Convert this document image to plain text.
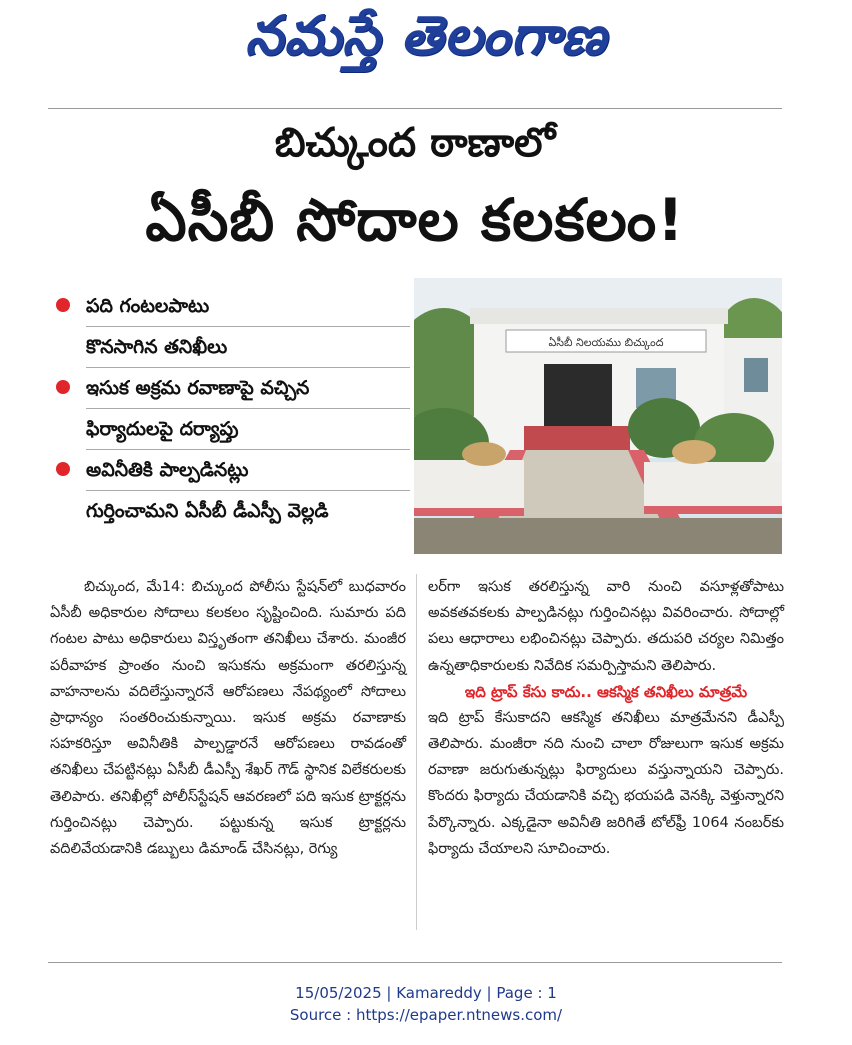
నమస్తే తెలంగాణ
బిచ్కుంద ఠాణాలో
ఏసీబీ సోదాల కలకలం!
పది గంటలపాటు
కొనసాగిన తనిఖీలు
ఇసుక అక్రమ రవాణాపై వచ్చిన
ఫిర్యాదులపై దర్యాప్తు
అవినీతికి పాల్పడినట్లు
గుర్తించామని ఏసీబీ డీఎస్పీ వెల్లడి
ఏసీబీ నిలయము బిచ్కుంద

బిచ్కుంద, మే14: బిచ్కుంద పోలీసు స్టేషన్‌లో బుధవారం ఏసీబీ అధికారుల సోదాలు కలకలం సృష్టించింది. సుమారు పది గంటల పాటు అధికారులు విస్తృతంగా తనిఖీలు చేశారు. మంజీర పరీవాహక ప్రాంతం నుంచి ఇసుకను అక్రమంగా తరలిస్తున్న వాహనాలను వదిలేస్తున్నారనే ఆరోపణలు నేపథ్యంలో సోదాలు ప్రాధాన్యం సంతరించుకున్నాయి. ఇసుక అక్రమ రవాణాకు సహకరిస్తూ అవినీతికి పాల్పడ్డారనే ఆరోపణలు రావడంతో తనిఖీలు చేపట్టినట్లు ఏసీబీ డీఎస్పీ శేఖర్ గౌడ్ స్థానిక విలేకరులకు తెలిపారు. తనిఖీల్లో పోలీస్‌స్టేషన్ ఆవరణలో పది ఇసుక ట్రాక్టర్లను గుర్తించినట్లు చెప్పారు. పట్టుకున్న ఇసుక ట్రాక్టర్లను వదిలివేయడానికి డబ్బులు డిమాండ్ చేసినట్లు, రెగ్యు

లర్‌గా ఇసుక తరలిస్తున్న వారి నుంచి వసూళ్లతోపాటు అవకతవకలకు పాల్పడినట్లు గుర్తించినట్లు వివరించారు. సోదాల్లో పలు ఆధారాలు లభించినట్లు చెప్పారు. తదుపరి చర్యల నిమిత్తం ఉన్నతాధికారులకు నివేదిక సమర్పిస్తామని తెలిపారు.

ఇది ట్రాప్ కేసు కాదు.. ఆకస్మిక తనిఖీలు మాత్రమే

ఇది ట్రాప్ కేసుకాదని ఆకస్మిక తనిఖీలు మాత్రమేనని డీఎస్పీ తెలిపారు. మంజీరా నది నుంచి చాలా రోజులుగా ఇసుక అక్రమ రవాణా జరుగుతున్నట్లు ఫిర్యాదులు వస్తున్నాయని చెప్పారు. కొందరు ఫిర్యాదు చేయడానికి వచ్చి భయపడి వెనక్కి వెళ్తున్నారని పేర్కొన్నారు. ఎక్కడైనా అవినీతి జరిగితే టోల్‌ఫ్రీ 1064 నంబర్‌కు ఫిర్యాదు చేయాలని సూచించారు.

15/05/2025 | Kamareddy | Page : 1
Source : https://epaper.ntnews.com/
